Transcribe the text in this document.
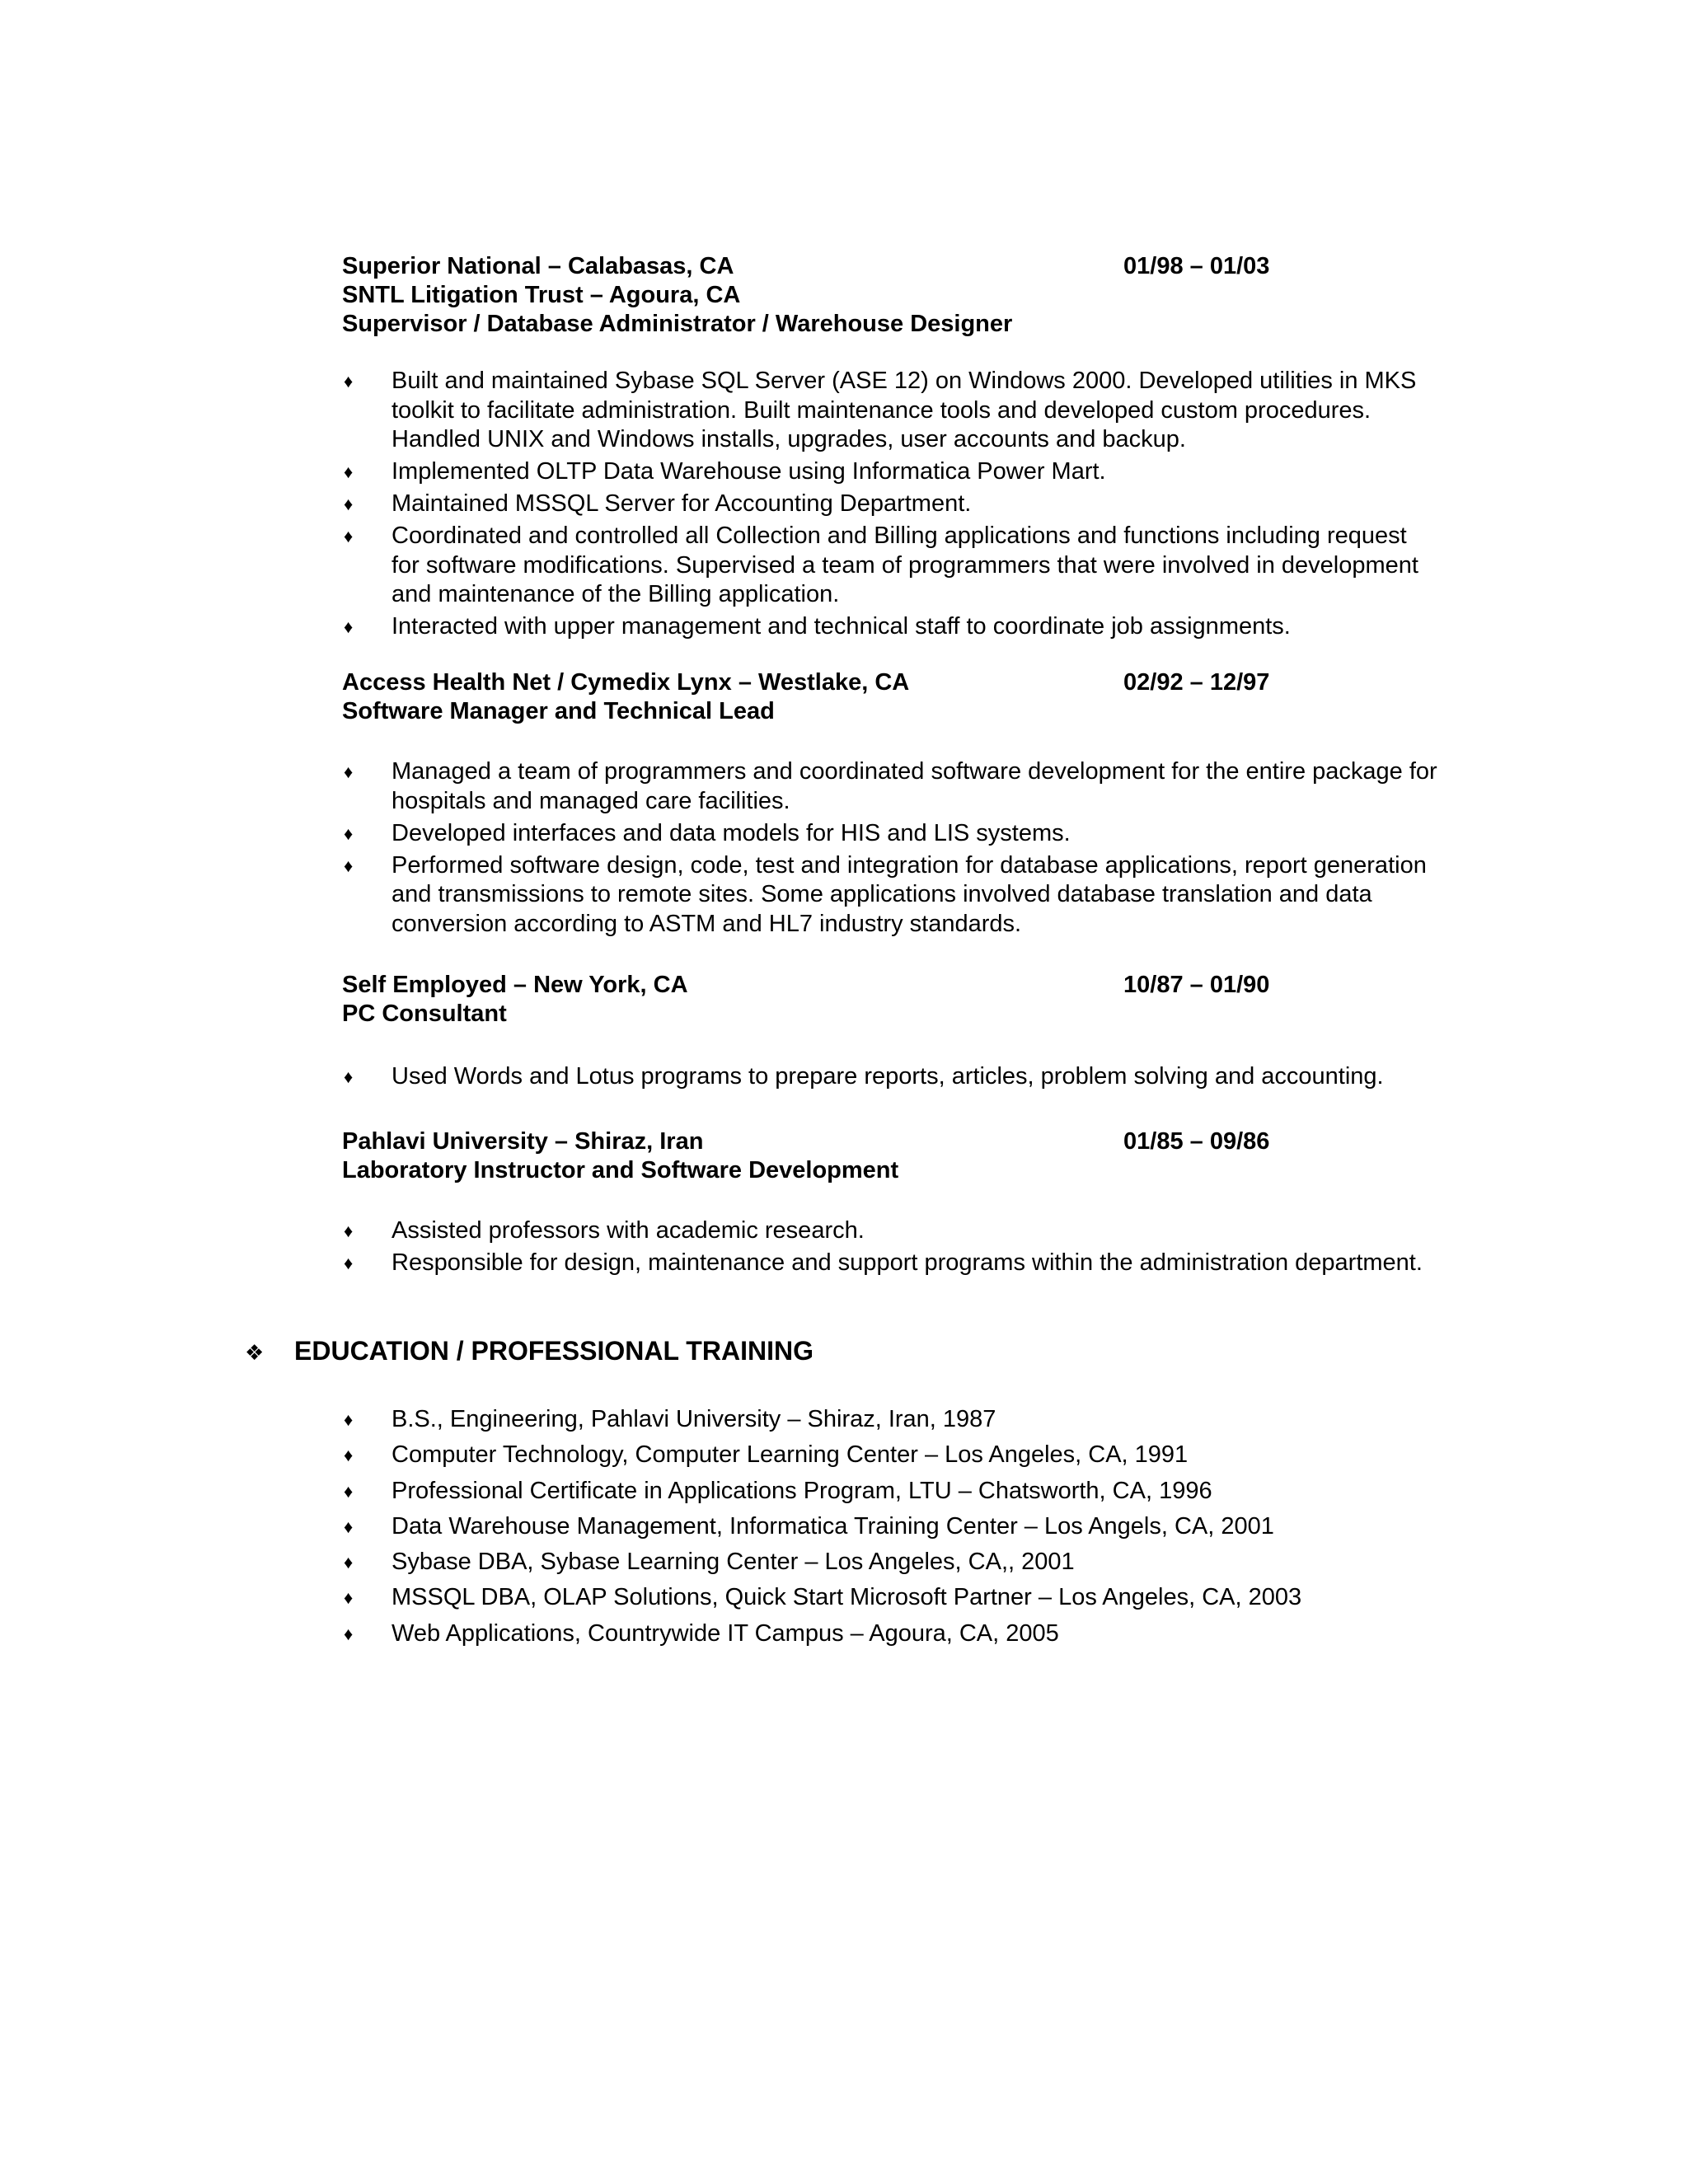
Superior National – Calabasas, CA
SNTL Litigation Trust – Agoura, CA
Supervisor / Database Administrator / Warehouse Designer
01/98 – 01/03
♦ Built and maintained Sybase SQL Server (ASE 12) on Windows 2000. Developed utilities in MKS toolkit to facilitate administration. Built maintenance tools and developed custom procedures. Handled UNIX and Windows installs, upgrades, user accounts and backup.
♦ Implemented OLTP Data Warehouse using Informatica Power Mart.
♦ Maintained MSSQL Server for Accounting Department.
♦ Coordinated and controlled all Collection and Billing applications and functions including request for software modifications. Supervised a team of programmers that were involved in development and maintenance of the Billing application.
♦ Interacted with upper management and technical staff to coordinate job assignments.
Access Health Net / Cymedix Lynx – Westlake, CA
Software Manager and Technical Lead
02/92 – 12/97
♦ Managed a team of programmers and coordinated software development for the entire package for hospitals and managed care facilities.
♦ Developed interfaces and data models for HIS and LIS systems.
♦ Performed software design, code, test and integration for database applications, report generation and transmissions to remote sites. Some applications involved database translation and data conversion according to ASTM and HL7 industry standards.
Self Employed – New York, CA
PC Consultant
10/87 – 01/90
♦ Used Words and Lotus programs to prepare reports, articles, problem solving and accounting.
Pahlavi University – Shiraz, Iran
Laboratory Instructor and Software Development
01/85 – 09/86
♦ Assisted professors with academic research.
♦ Responsible for design, maintenance and support programs within the administration department.
❖ EDUCATION / PROFESSIONAL TRAINING
♦ B.S., Engineering, Pahlavi University – Shiraz, Iran, 1987
♦ Computer Technology, Computer Learning Center – Los Angeles, CA, 1991
♦ Professional Certificate in Applications Program, LTU – Chatsworth, CA, 1996
♦ Data Warehouse Management, Informatica Training Center – Los Angels, CA, 2001
♦ Sybase DBA, Sybase Learning Center – Los Angeles, CA,, 2001
♦ MSSQL DBA, OLAP Solutions, Quick Start Microsoft Partner – Los Angeles, CA, 2003
♦ Web Applications, Countrywide IT Campus – Agoura, CA, 2005
